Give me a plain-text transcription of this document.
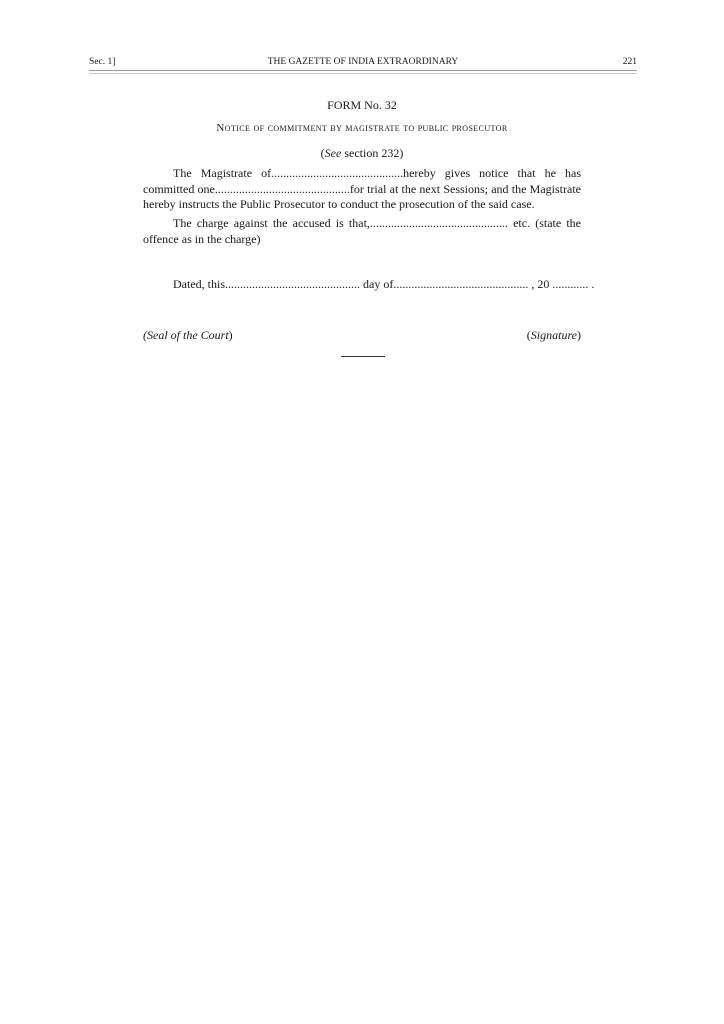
Sec. 1]	THE GAZETTE OF INDIA EXTRAORDINARY	221
FORM No. 32
Notice of commitment by magistrate to public prosecutor
(See section 232)
The Magistrate of............................................hereby gives notice that he has committed one.............................................for trial at the next Sessions; and the Magistrate hereby instructs the Public Prosecutor to conduct the prosecution of the said case.
The charge against the accused is that,.............................................. etc. (state the offence as in the charge)
Dated, this............................................. day of............................................. , 20 ............ .
(Seal of the Court)	(Signature)
